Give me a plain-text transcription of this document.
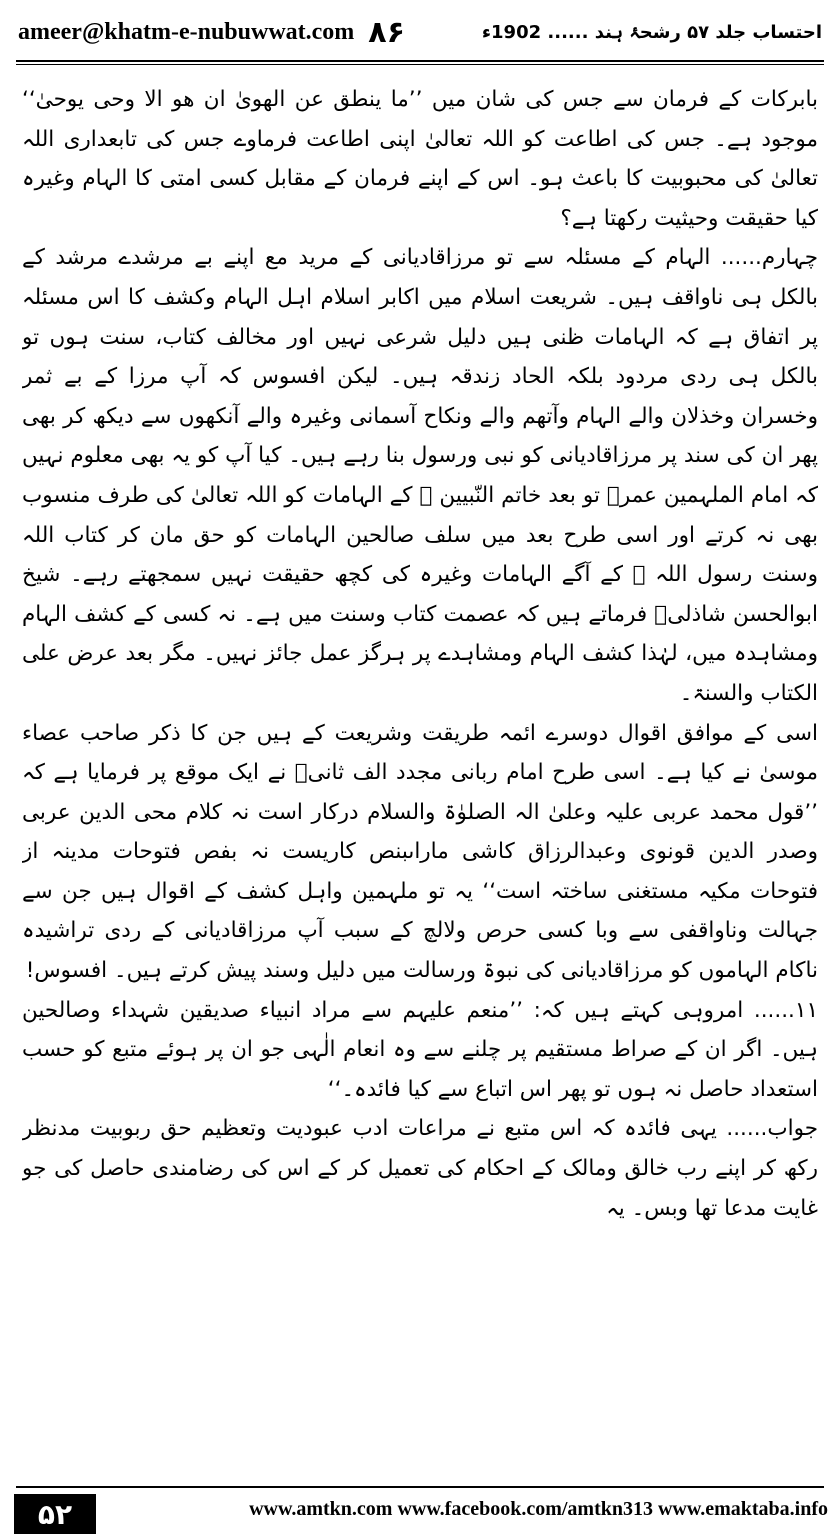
ameer@khatm-e-nubuwwat.com ۸۶	احتساب جلد ۵۷ رشحۂ ہند ...... 1902ء

بابرکات کے فرمان سے جس کی شان میں ’’ما ینطق عن الھویٰ ان ھو الا وحی یوحیٰ‘‘ موجود ہے۔ جس کی اطاعت کو اللہ تعالیٰ اپنی اطاعت فرماوے جس کی تابعداری اللہ تعالیٰ کی محبوبیت کا باعث ہو۔ اس کے اپنے فرمان کے مقابل کسی امتی کا الہام وغیرہ کیا حقیقت وحیثیت رکھتا ہے؟

چہارم...... الہام کے مسئلہ سے تو مرزاقادیانی کے مرید مع اپنے بے مرشدے مرشد کے بالکل ہی ناواقف ہیں۔ شریعت اسلام میں اکابر اسلام اہل الہام وکشف کا اس مسئلہ پر اتفاق ہے کہ الہامات ظنی ہیں دلیل شرعی نہیں اور مخالف کتاب، سنت ہوں تو بالکل ہی ردی مردود بلکہ الحاد زندقہ ہیں۔ لیکن افسوس کہ آپ مرزا کے بے ثمر وخسران وخذلان والے الہام وآتھم والے ونکاح آسمانی وغیرہ والے آنکھوں سے دیکھ کر بھی پھر ان کی سند پر مرزاقادیانی کو نبی ورسول بنا رہے ہیں۔ کیا آپ کو یہ بھی معلوم نہیں کہ امام الملہمین عمرؓ تو بعد خاتم النّبیین ﷺ کے الہامات کو اللہ تعالیٰ کی طرف منسوب بھی نہ کرتے اور اسی طرح بعد میں سلف صالحین الہامات کو حق مان کر کتاب اللہ وسنت رسول اللہ ﷺ کے آگے الہامات وغیرہ کی کچھ حقیقت نہیں سمجھتے رہے۔ شیخ ابوالحسن شاذلیؒ فرماتے ہیں کہ عصمت کتاب وسنت میں ہے۔ نہ کسی کے کشف الہام ومشاہدہ میں، لہٰذا کشف الہام ومشاہدے پر ہرگز عمل جائز نہیں۔ مگر بعد عرض علی الکتاب والسنۃ۔

اسی کے موافق اقوال دوسرے ائمہ طریقت وشریعت کے ہیں جن کا ذکر صاحب عصاء موسیٰ نے کیا ہے۔ اسی طرح امام ربانی مجدد الف ثانیؒ نے ایک موقع پر فرمایا ہے کہ ’’قول محمد عربی علیہ وعلیٰ الہ الصلوٰۃ والسلام درکار است نہ کلام محی الدین عربی وصدر الدین قونوی وعبدالرزاق کاشی ماراںبنص کاریست نہ بفص فتوحات مدینہ از فتوحات مکیہ مستغنی ساختہ است‘‘ یہ تو ملہمین واہل کشف کے اقوال ہیں جن سے جہالت وناواقفی سے وبا کسی حرص ولالچ کے سبب آپ مرزاقادیانی کے ردی تراشیدہ ناکام الہاموں کو مرزاقادیانی کی نبوۃ ورسالت میں دلیل وسند پیش کرتے ہیں۔ افسوس!

۱۱...... امروہی کہتے ہیں کہ: ’’منعم علیہم سے مراد انبیاء صدیقین شہداء وصالحین ہیں۔ اگر ان کے صراط مستقیم پر چلنے سے وہ انعام الٰہی جو ان پر ہوئے متبع کو حسب استعداد حاصل نہ ہوں تو پھر اس اتباع سے کیا فائدہ۔‘‘

جواب...... یہی فائدہ کہ اس متبع نے مراعات ادب عبودیت وتعظیم حق ربوبیت مدنظر رکھ کر اپنے رب خالق ومالک کے احکام کی تعمیل کر کے اس کی رضامندی حاصل کی جو غایت مدعا تھا وبس۔ یہ

۵۲	www.amtkn.com www.facebook.com/amtkn313 www.emaktaba.info
